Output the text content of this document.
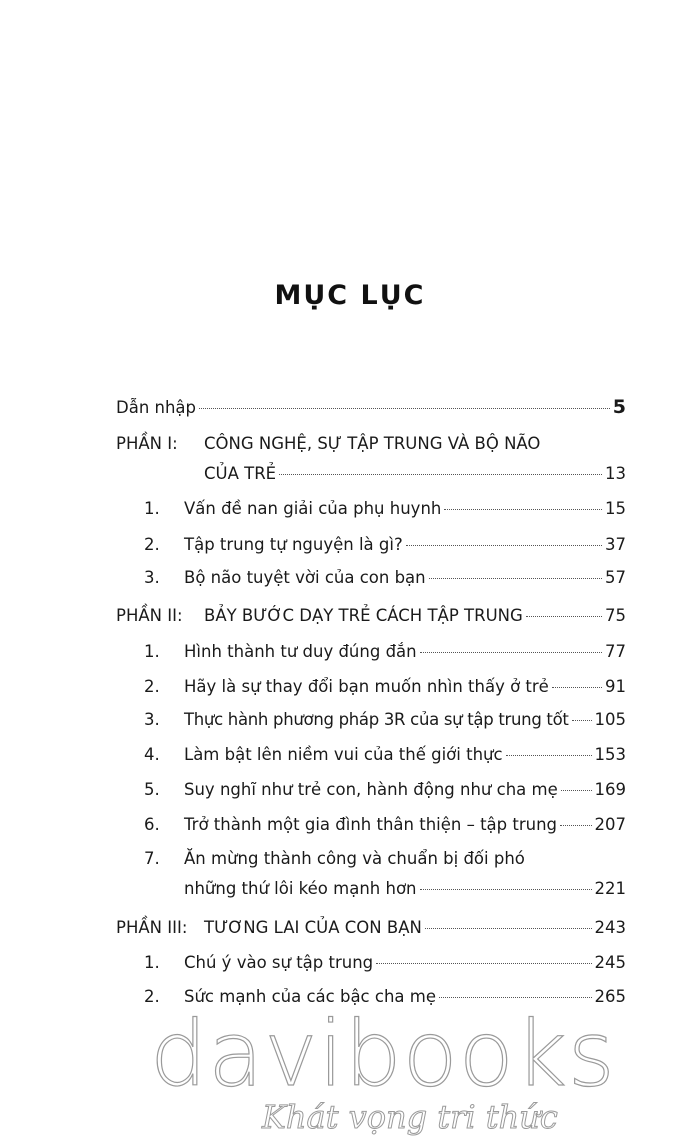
MỤC LỤC
Dẫn nhập	5
PHẦN I:	CÔNG NGHỆ, SỰ TẬP TRUNG VÀ BỘ NÃO
CỦA TRẺ	13
1.	Vấn đề nan giải của phụ huynh	15
2.	Tập trung tự nguyện là gì?	37
3.	Bộ não tuyệt vời của con bạn	57
PHẦN II:	BẢY BƯỚC DẠY TRẺ CÁCH TẬP TRUNG	75
1.	Hình thành tư duy đúng đắn	77
2.	Hãy là sự thay đổi bạn muốn nhìn thấy ở trẻ	91
3.	Thực hành phương pháp 3R của sự tập trung tốt 105
4.	Làm bật lên niềm vui của thế giới thực	153
5.	Suy nghĩ như trẻ con, hành động như cha mẹ 169
6.	Trở thành một gia đình thân thiện – tập trung 207
7.	Ăn mừng thành công và chuẩn bị đối phó
những thứ lôi kéo mạnh hơn	221
PHẦN III:	TƯƠNG LAI CỦA CON BẠN	243
1.	Chú ý vào sự tập trung	245
2.	Sức mạnh của các bậc cha mẹ	265
davibooks
Khát vọng tri thức
